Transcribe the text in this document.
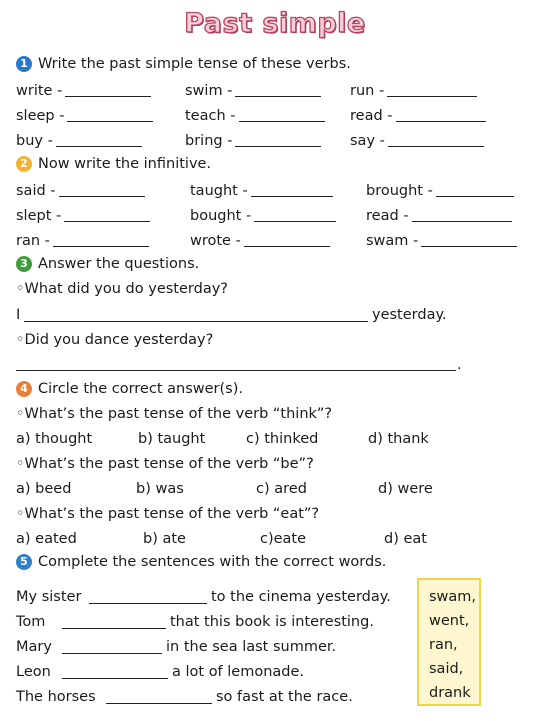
Past simple
1 Write the past simple tense of these verbs.
write -	swim -	run -
sleep -	teach -	read -
buy -	bring -	say -
2 Now write the infinitive.
said -	taught -	brought -
slept -	bought -	read -
ran -	wrote -	swam -
3 Answer the questions.
◦What did you do yesterday?
I	yesterday.
◦Did you dance yesterday?
.
4 Circle the correct answer(s).
◦What’s the past tense of the verb “think”?
a) thought	b) taught	c) thinked	d) thank
◦What’s the past tense of the verb “be”?
a) beed	b) was	c) ared	d) were
◦What’s the past tense of the verb “eat”?
a) eated	b) ate	c)eate	d) eat
5 Complete the sentences with the correct words.
My sister	to the cinema yesterday.
Tom	that this book is interesting.
Mary	in the sea last summer.
Leon	a lot of lemonade.
The horses	so fast at the race.
swam,
went,
ran,
said,
drank
